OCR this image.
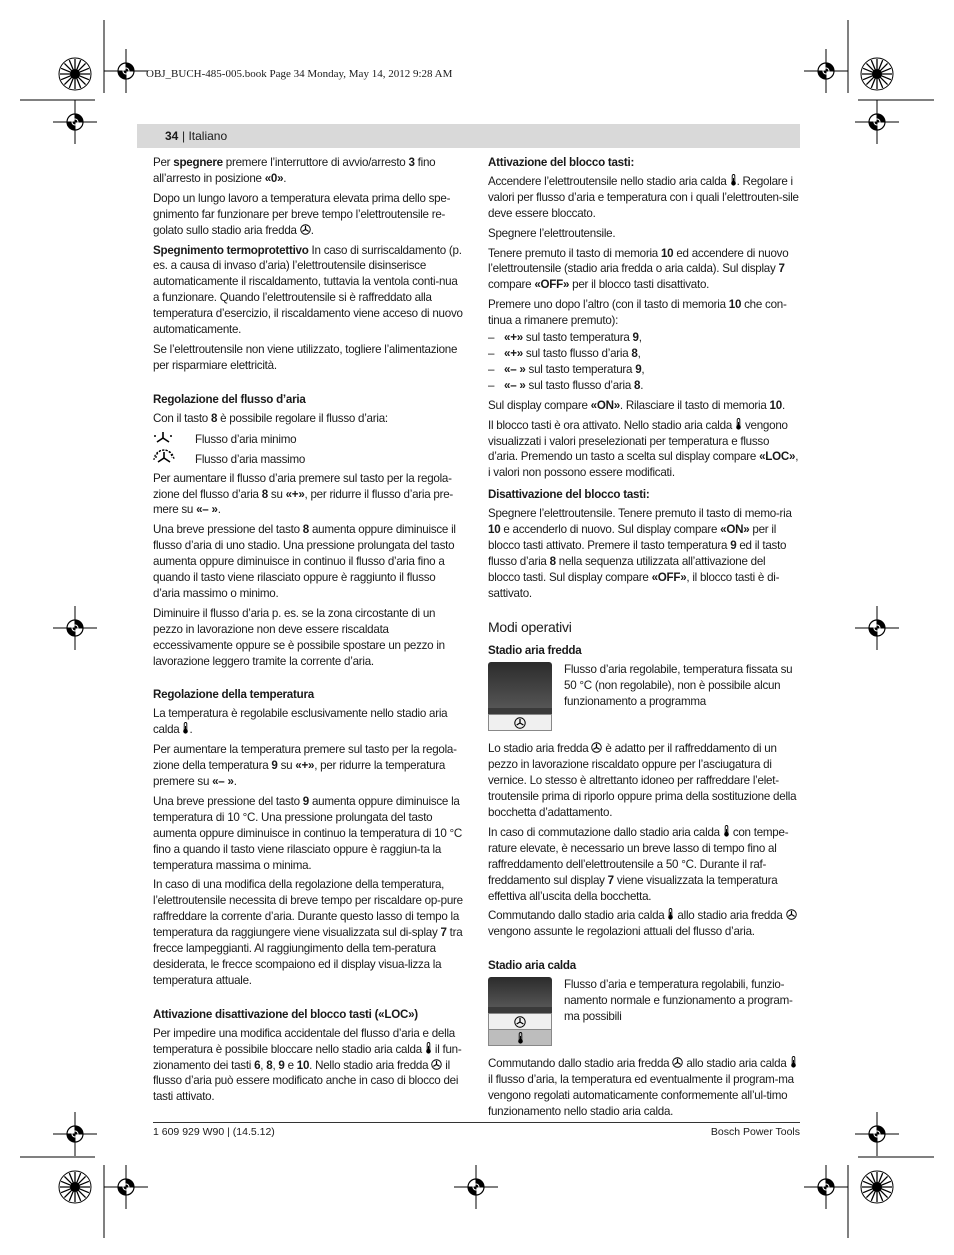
OBJ_BUCH-485-005.book Page 34 Monday, May 14, 2012 9:28 AM
34 | Italiano

Per spegnere premere l’interruttore di avvio/arresto 3 fino all’arresto in posizione «0».

Dopo un lungo lavoro a temperatura elevata prima dello spe-gnimento far funzionare per breve tempo l’elettroutensile re-golato sullo stadio aria fredda .

Spegnimento termoprotettivo In caso di surriscaldamento (p. es. a causa di invaso d’aria) l’elettroutensile disinserisce automaticamente il riscaldamento, tuttavia la ventola conti-nua a funzionare. Quando l’elettroutensile si è raffreddato alla temperatura d’esercizio, il riscaldamento viene acceso di nuovo automaticamente.

Se l’elettroutensile non viene utilizzato, togliere l’alimentazione per risparmiare elettricità.

Regolazione del flusso d’aria

Con il tasto 8 è possibile regolare il flusso d’aria:

Flusso d’aria minimo
Flusso d’aria massimo

Per aumentare il flusso d’aria premere sul tasto per la regola-zione del flusso d’aria 8 su «+», per ridurre il flusso d’aria pre-mere su «– ».

Una breve pressione del tasto 8 aumenta oppure diminuisce il flusso d’aria di uno stadio. Una pressione prolungata del tasto aumenta oppure diminuisce in continuo il flusso d’aria fino a quando il tasto viene rilasciato oppure è raggiunto il flusso d’aria massimo o minimo.

Diminuire il flusso d’aria p. es. se la zona circostante di un pezzo in lavorazione non deve essere riscaldata eccessivamente oppure se è possibile spostare un pezzo in lavorazione leggero tramite la corrente d’aria.

Regolazione della temperatura

La temperatura è regolabile esclusivamente nello stadio aria calda .

Per aumentare la temperatura premere sul tasto per la regola-zione della temperatura 9 su «+», per ridurre la temperatura premere su «– ».

Una breve pressione del tasto 9 aumenta oppure diminuisce la temperatura di 10 °C. Una pressione prolungata del tasto aumenta oppure diminuisce in continuo la temperatura di 10 °C fino a quando il tasto viene rilasciato oppure è raggiun-ta la temperatura massima o minima.

In caso di una modifica della regolazione della temperatura, l’elettroutensile necessita di breve tempo per riscaldare op-pure raffreddare la corrente d’aria. Durante questo lasso di tempo la temperatura da raggiungere viene visualizzata sul di-splay 7 tra frecce lampeggianti. Al raggiungimento della tem-peratura desiderata, le frecce scompaiono ed il display visua-lizza la temperatura attuale.

Attivazione disattivazione del blocco tasti («LOC»)

Per impedire una modifica accidentale del flusso d’aria e della temperatura è possibile bloccare nello stadio aria calda  il fun-zionamento dei tasti 6, 8, 9 e 10. Nello stadio aria fredda  il flusso d’aria può essere modificato anche in caso di blocco dei tasti attivato.

Attivazione del blocco tasti:

Accendere l’elettroutensile nello stadio aria calda . Regolare i valori per flusso d’aria e temperatura con i quali l’elettrouten-sile deve essere bloccato.

Spegnere l’elettroutensile.

Tenere premuto il tasto di memoria 10 ed accendere di nuovo l’elettroutensile (stadio aria fredda o aria calda). Sul display 7 compare «OFF» per il blocco tasti disattivato.

Premere uno dopo l’altro (con il tasto di memoria 10 che con-tinua a rimanere premuto):

– «+» sul tasto temperatura 9,
– «+» sul tasto flusso d’aria 8,
– «– » sul tasto temperatura 9,
– «– » sul tasto flusso d’aria 8.

Sul display compare «ON». Rilasciare il tasto di memoria 10.

Il blocco tasti è ora attivato. Nello stadio aria calda  vengono visualizzati i valori preselezionati per temperatura e flusso d’aria. Premendo un tasto a scelta sul display compare «LOC», i valori non possono essere modificati.

Disattivazione del blocco tasti:

Spegnere l’elettroutensile. Tenere premuto il tasto di memo-ria 10 e accenderlo di nuovo. Sul display compare «ON» per il blocco tasti attivato. Premere il tasto temperatura 9 ed il tasto flusso d’aria 8 nella sequenza utilizzata all’attivazione del blocco tasti. Sul display compare «OFF», il blocco tasti è di-sattivato.

Modi operativi
Stadio aria fredda
Flusso d’aria regolabile, temperatura fissata su 50 °C (non regolabile), non è possibile alcun funzionamento a programma

Lo stadio aria fredda  è adatto per il raffreddamento di un pezzo in lavorazione riscaldato oppure per l’asciugatura di vernice. Lo stesso è altrettanto idoneo per raffreddare l’elet-troutensile prima di riporlo oppure prima della sostituzione della bocchetta d’adattamento.

In caso di commutazione dallo stadio aria calda  con tempe-rature elevate, è necessario un breve lasso di tempo fino al raffreddamento dell’elettroutensile a 50 °C. Durante il raf-freddamento sul display 7 viene visualizzata la temperatura effettiva all’uscita della bocchetta.

Commutando dallo stadio aria calda  allo stadio aria fredda  vengono assunte le regolazioni attuali del flusso d’aria.

Stadio aria calda
Flusso d’aria e temperatura regolabili, funzio-namento normale e funzionamento a program-ma possibili

Commutando dallo stadio aria fredda  allo stadio aria calda  il flusso d’aria, la temperatura ed eventualmente il program-ma vengono regolati automaticamente conformemente all’ul-timo funzionamento nello stadio aria calda.

1 609 929 W90 | (14.5.12)	Bosch Power Tools
